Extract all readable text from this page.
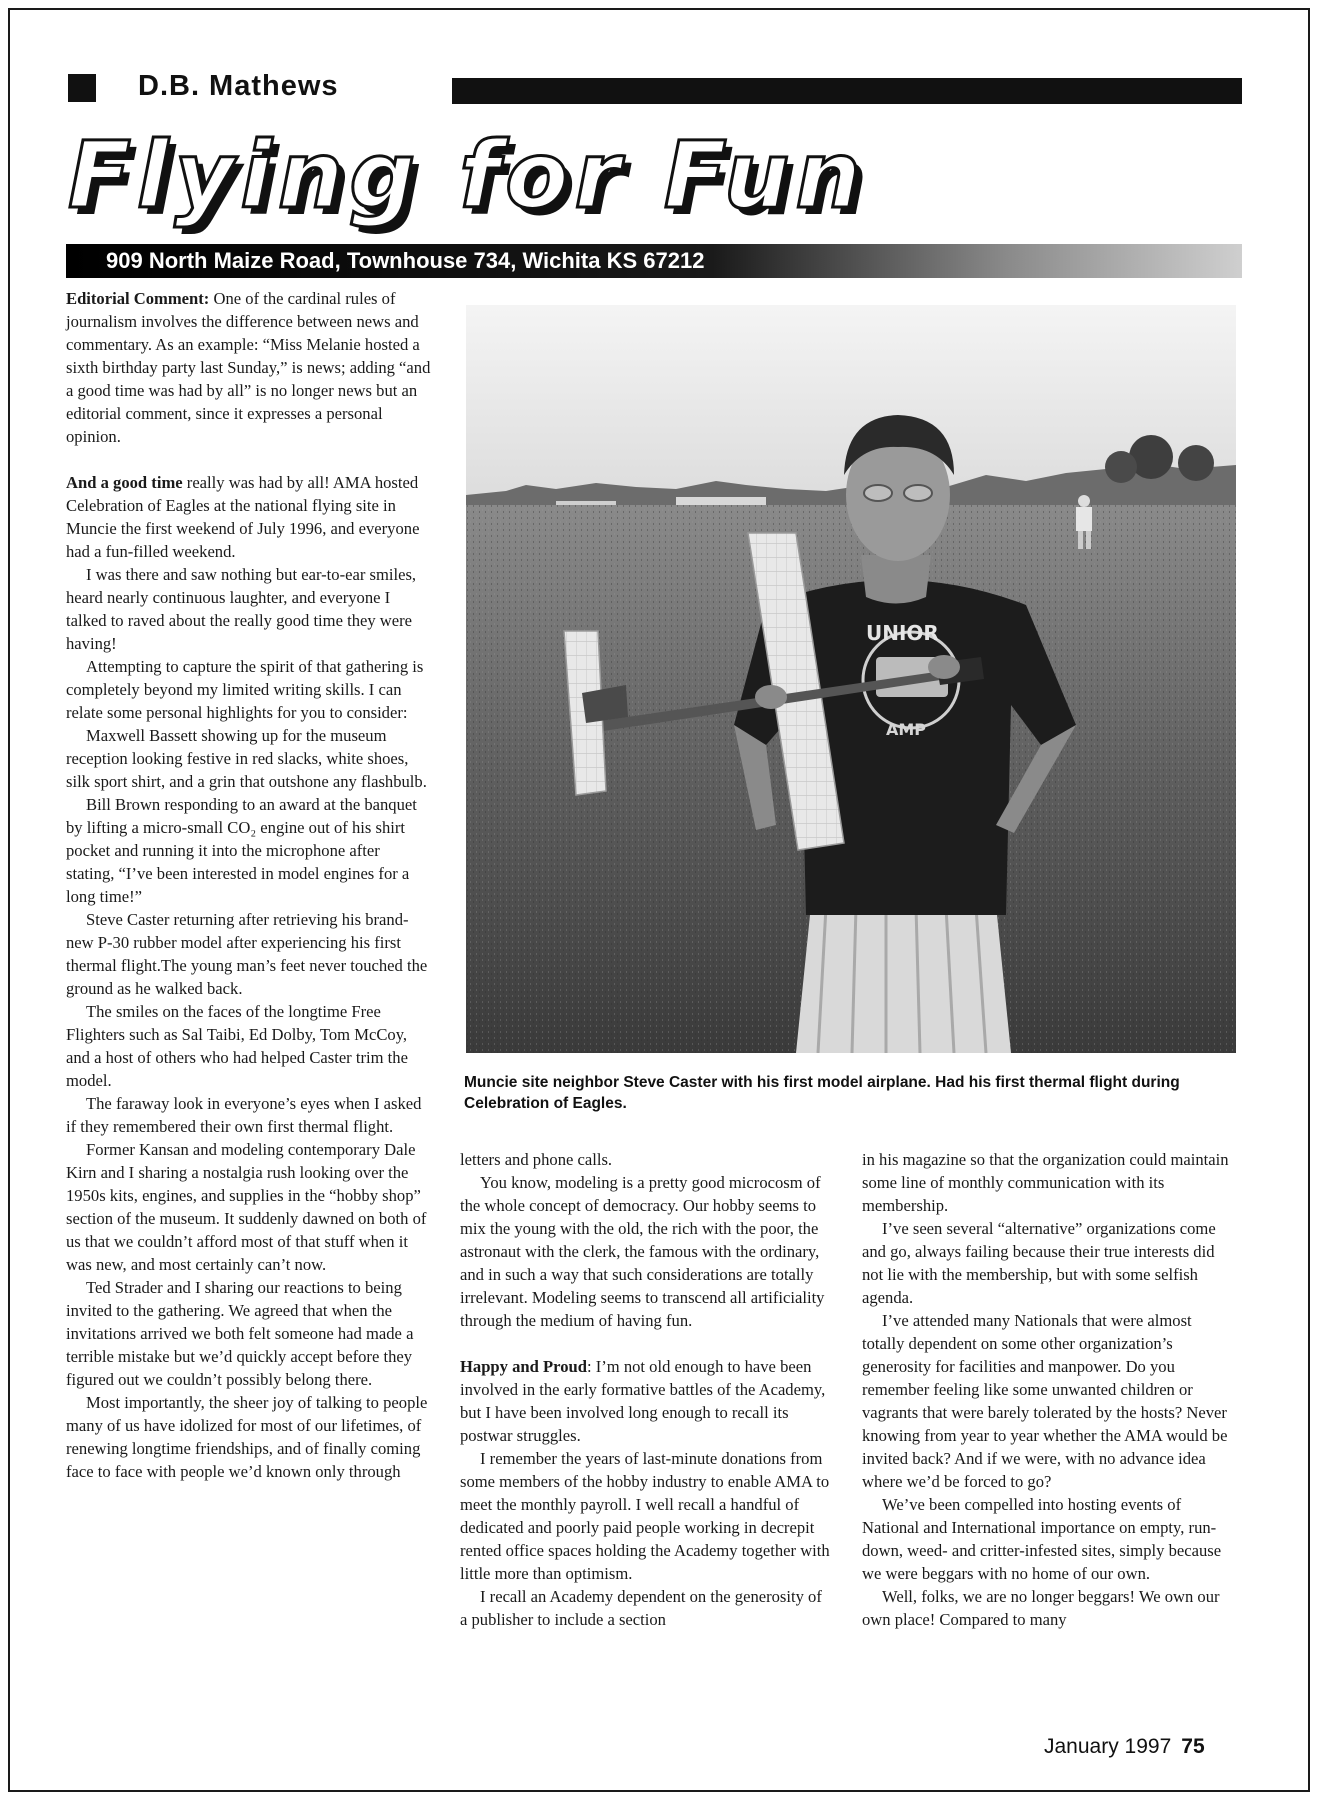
D.B. Mathews
Flying for Fun
909 North Maize Road, Townhouse 734, Wichita KS 67212

Editorial Comment: One of the cardinal rules of journalism involves the difference between news and commentary. As an example: “Miss Melanie hosted a sixth birthday party last Sunday,” is news; adding “and a good time was had by all” is no longer news but an editorial comment, since it expresses a personal opinion.

And a good time really was had by all! AMA hosted Celebration of Eagles at the national flying site in Muncie the first weekend of July 1996, and everyone had a fun-filled weekend.

I was there and saw nothing but ear-to-ear smiles, heard nearly continuous laughter, and everyone I talked to raved about the really good time they were having!

Attempting to capture the spirit of that gathering is completely beyond my limited writing skills. I can relate some personal highlights for you to consider:

Maxwell Bassett showing up for the museum reception looking festive in red slacks, white shoes, silk sport shirt, and a grin that outshone any flashbulb.

Bill Brown responding to an award at the banquet by lifting a micro-small CO₂ engine out of his shirt pocket and running it into the microphone after stating, “I’ve been interested in model engines for a long time!”

Steve Caster returning after retrieving his brand-new P-30 rubber model after experiencing his first thermal flight.The young man’s feet never touched the ground as he walked back.

The smiles on the faces of the longtime Free Flighters such as Sal Taibi, Ed Dolby, Tom McCoy, and a host of others who had helped Caster trim the model.

The faraway look in everyone’s eyes when I asked if they remembered their own first thermal flight.

Former Kansan and modeling contemporary Dale Kirn and I sharing a nostalgia rush looking over the 1950s kits, engines, and supplies in the “hobby shop” section of the museum. It suddenly dawned on both of us that we couldn’t afford most of that stuff when it was new, and most certainly can’t now.

Ted Strader and I sharing our reactions to being invited to the gathering. We agreed that when the invitations arrived we both felt someone had made a terrible mistake but we’d quickly accept before they figured out we couldn’t possibly belong there.

Most importantly, the sheer joy of talking to people many of us have idolized for most of our lifetimes, of renewing longtime friendships, and of finally coming face to face with people we’d known only through

UNIOR
AMP
Muncie site neighbor Steve Caster with his first model airplane. Had his first thermal flight during Celebration of Eagles.

letters and phone calls.

You know, modeling is a pretty good microcosm of the whole concept of democracy. Our hobby seems to mix the young with the old, the rich with the poor, the astronaut with the clerk, the famous with the ordinary, and in such a way that such considerations are totally irrelevant. Modeling seems to transcend all artificiality through the medium of having fun.

Happy and Proud: I’m not old enough to have been involved in the early formative battles of the Academy, but I have been involved long enough to recall its postwar struggles.

I remember the years of last-minute donations from some members of the hobby industry to enable AMA to meet the monthly payroll. I well recall a handful of dedicated and poorly paid people working in decrepit rented office spaces holding the Academy together with little more than optimism.

I recall an Academy dependent on the generosity of a publisher to include a section

in his magazine so that the organization could maintain some line of monthly communication with its membership.

I’ve seen several “alternative” organizations come and go, always failing because their true interests did not lie with the membership, but with some selfish agenda.

I’ve attended many Nationals that were almost totally dependent on some other organization’s generosity for facilities and manpower. Do you remember feeling like some unwanted children or vagrants that were barely tolerated by the hosts? Never knowing from year to year whether the AMA would be invited back? And if we were, with no advance idea where we’d be forced to go?

We’ve been compelled into hosting events of National and International importance on empty, run-down, weed- and critter-infested sites, simply because we were beggars with no home of our own.

Well, folks, we are no longer beggars! We own our own place! Compared to many

January 1997 75
